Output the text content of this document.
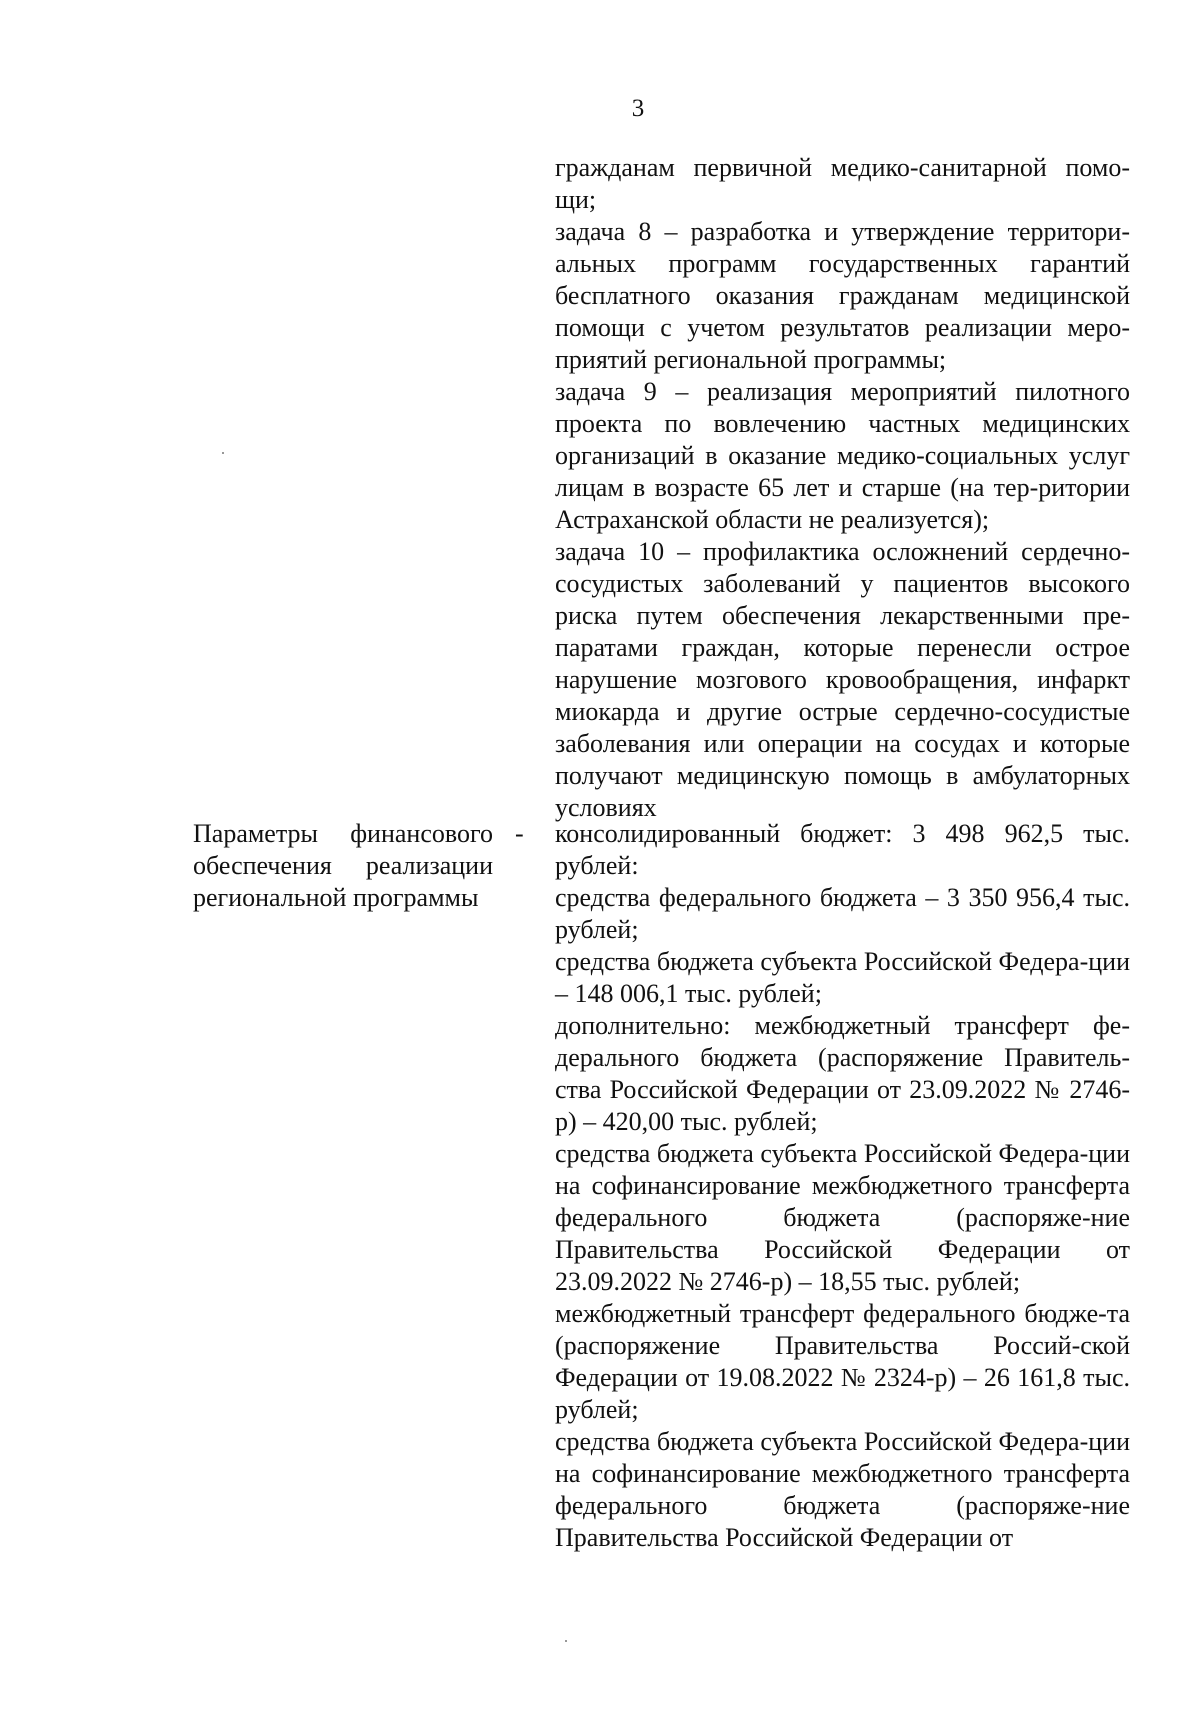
3

гражданам первичной медико-санитарной помо-щи;

задача 8 – разработка и утверждение территори-альных программ государственных гарантий бесплатного оказания гражданам медицинской помощи с учетом результатов реализации меро-приятий региональной программы;

задача 9 – реализация мероприятий пилотного проекта по вовлечению частных медицинских организаций в оказание медико-социальных услуг лицам в возрасте 65 лет и старше (на тер-ритории Астраханской области не реализуется);

задача 10 – профилактика осложнений сердечно-сосудистых заболеваний у пациентов высокого риска путем обеспечения лекарственными пре-паратами граждан, которые перенесли острое нарушение мозгового кровообращения, инфаркт миокарда и другие острые сердечно-сосудистые заболевания или операции на сосудах и которые получают медицинскую помощь в амбулаторных условиях

Параметры финансового обеспечения реализации региональной программы
- консолидированный бюджет: 3 498 962,5 тыс. рублей:

средства федерального бюджета – 3 350 956,4 тыс. рублей;

средства бюджета субъекта Российской Федера-ции – 148 006,1 тыс. рублей;

дополнительно: межбюджетный трансферт фе-дерального бюджета (распоряжение Правитель-ства Российской Федерации от 23.09.2022 № 2746-р) – 420,00 тыс. рублей;

средства бюджета субъекта Российской Федера-ции на софинансирование межбюджетного трансферта федерального бюджета (распоряже-ние Правительства Российской Федерации от 23.09.2022 № 2746-р) – 18,55 тыс. рублей;

межбюджетный трансферт федерального бюдже-та (распоряжение Правительства Россий-ской Федерации от 19.08.2022 № 2324-р) – 26 161,8 тыс. рублей;

средства бюджета субъекта Российской Федера-ции на софинансирование межбюджетного трансферта федерального бюджета (распоряже-ние Правительства Российской Федерации от
